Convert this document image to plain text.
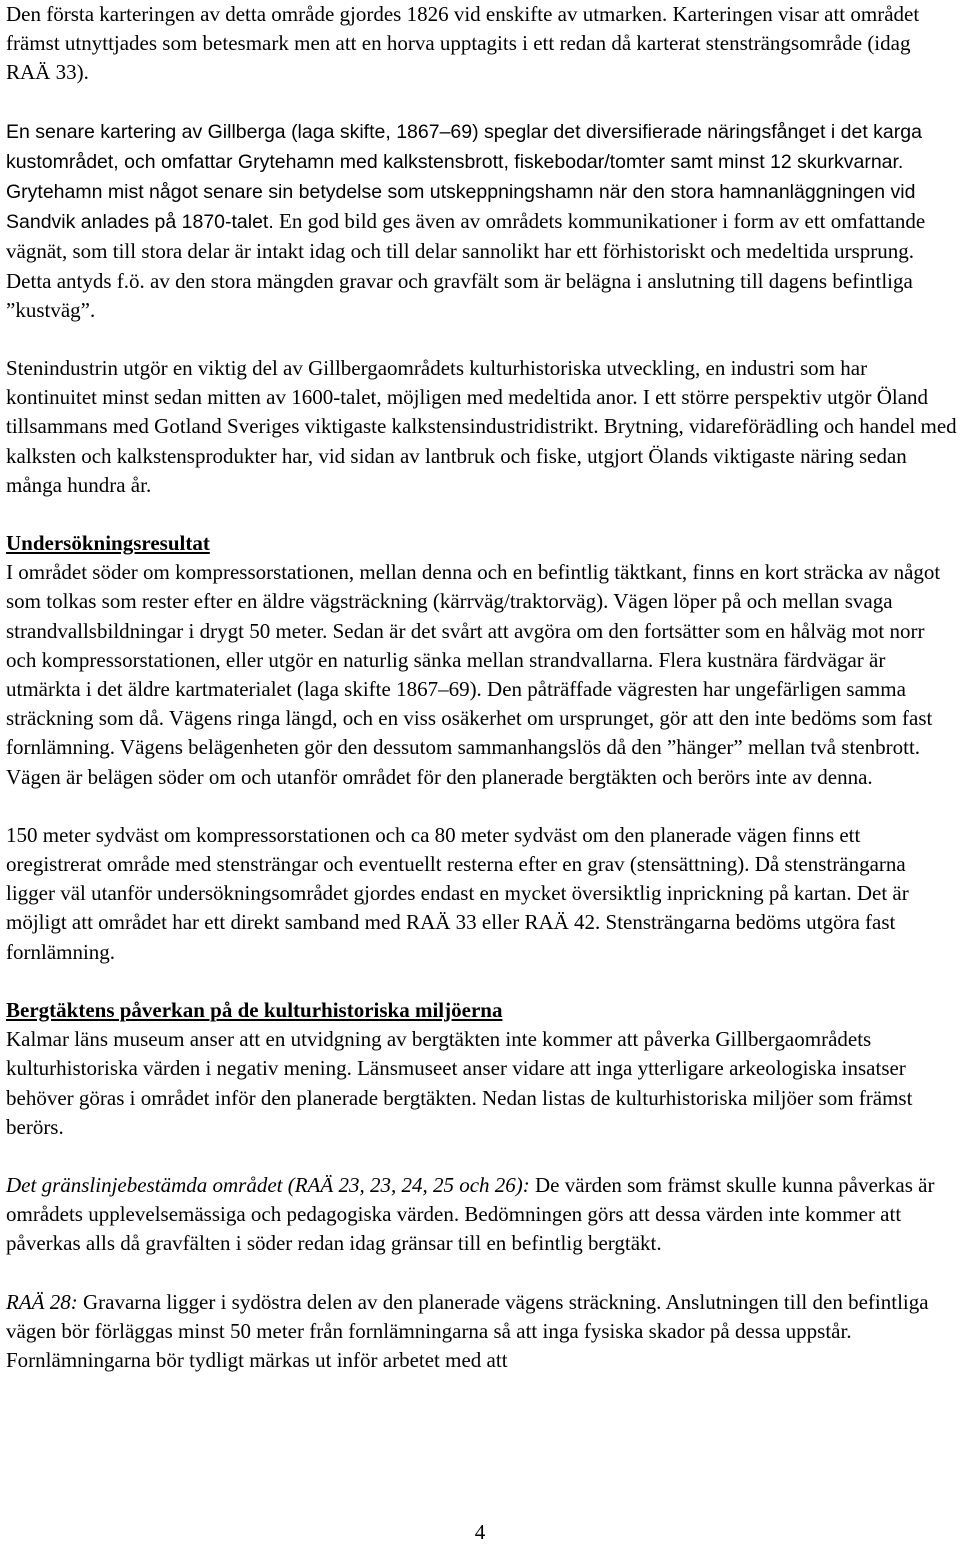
Den första karteringen av detta område gjordes 1826 vid enskifte av utmarken. Karteringen visar att området främst utnyttjades som betesmark men att en horva upptagits i ett redan då karterat stensträngsområde (idag RAÄ 33).

En senare kartering av Gillberga (laga skifte, 1867–69) speglar det diversifierade näringsfånget i det karga kustområdet, och omfattar Grytehamn med kalkstensbrott, fiskebodar/tomter samt minst 12 skurkvarnar. Grytehamn mist något senare sin betydelse som utskeppningshamn när den stora hamnanläggningen vid Sandvik anlades på 1870-talet. En god bild ges även av områdets kommunikationer i form av ett omfattande vägnät, som till stora delar är intakt idag och till delar sannolikt har ett förhistoriskt och medeltida ursprung. Detta antyds f.ö. av den stora mängden gravar och gravfält som är belägna i anslutning till dagens befintliga ”kustväg”.

Stenindustrin utgör en viktig del av Gillbergaområdets kulturhistoriska utveckling, en industri som har kontinuitet minst sedan mitten av 1600-talet, möjligen med medeltida anor. I ett större perspektiv utgör Öland tillsammans med Gotland Sveriges viktigaste kalkstensindustridistrikt. Brytning, vidareförädling och handel med kalksten och kalkstensprodukter har, vid sidan av lantbruk och fiske, utgjort Ölands viktigaste näring sedan många hundra år.

Undersökningsresultat

I området söder om kompressorstationen, mellan denna och en befintlig täktkant, finns en kort sträcka av något som tolkas som rester efter en äldre vägsträckning (kärrväg/traktorväg). Vägen löper på och mellan svaga strandvallsbildningar i drygt 50 meter. Sedan är det svårt att avgöra om den fortsätter som en hålväg mot norr och kompressorstationen, eller utgör en naturlig sänka mellan strandvallarna. Flera kustnära färdvägar är utmärkta i det äldre kartmaterialet (laga skifte 1867–69). Den påträffade vägresten har ungefärligen samma sträckning som då. Vägens ringa längd, och en viss osäkerhet om ursprunget, gör att den inte bedöms som fast fornlämning. Vägens belägenheten gör den dessutom sammanhangslös då den ”hänger” mellan två stenbrott. Vägen är belägen söder om och utanför området för den planerade bergtäkten och berörs inte av denna.

150 meter sydväst om kompressorstationen och ca 80 meter sydväst om den planerade vägen finns ett oregistrerat område med stensträngar och eventuellt resterna efter en grav (stensättning). Då stensträngarna ligger väl utanför undersökningsområdet gjordes endast en mycket översiktlig inprickning på kartan. Det är möjligt att området har ett direkt samband med RAÄ 33 eller RAÄ 42. Stensträngarna bedöms utgöra fast fornlämning.

Bergtäktens påverkan på de kulturhistoriska miljöerna

Kalmar läns museum anser att en utvidgning av bergtäkten inte kommer att påverka Gillbergaområdets kulturhistoriska värden i negativ mening. Länsmuseet anser vidare att inga ytterligare arkeologiska insatser behöver göras i området inför den planerade bergtäkten. Nedan listas de kulturhistoriska miljöer som främst berörs.

Det gränslinjebestämda området (RAÄ 23, 23, 24, 25 och 26): De värden som främst skulle kunna påverkas är områdets upplevelsemässiga och pedagogiska värden. Bedömningen görs att dessa värden inte kommer att påverkas alls då gravfälten i söder redan idag gränsar till en befintlig bergtäkt.

RAÄ 28: Gravarna ligger i sydöstra delen av den planerade vägens sträckning. Anslutningen till den befintliga vägen bör förläggas minst 50 meter från fornlämningarna så att inga fysiska skador på dessa uppstår. Fornlämningarna bör tydligt märkas ut inför arbetet med att

4
